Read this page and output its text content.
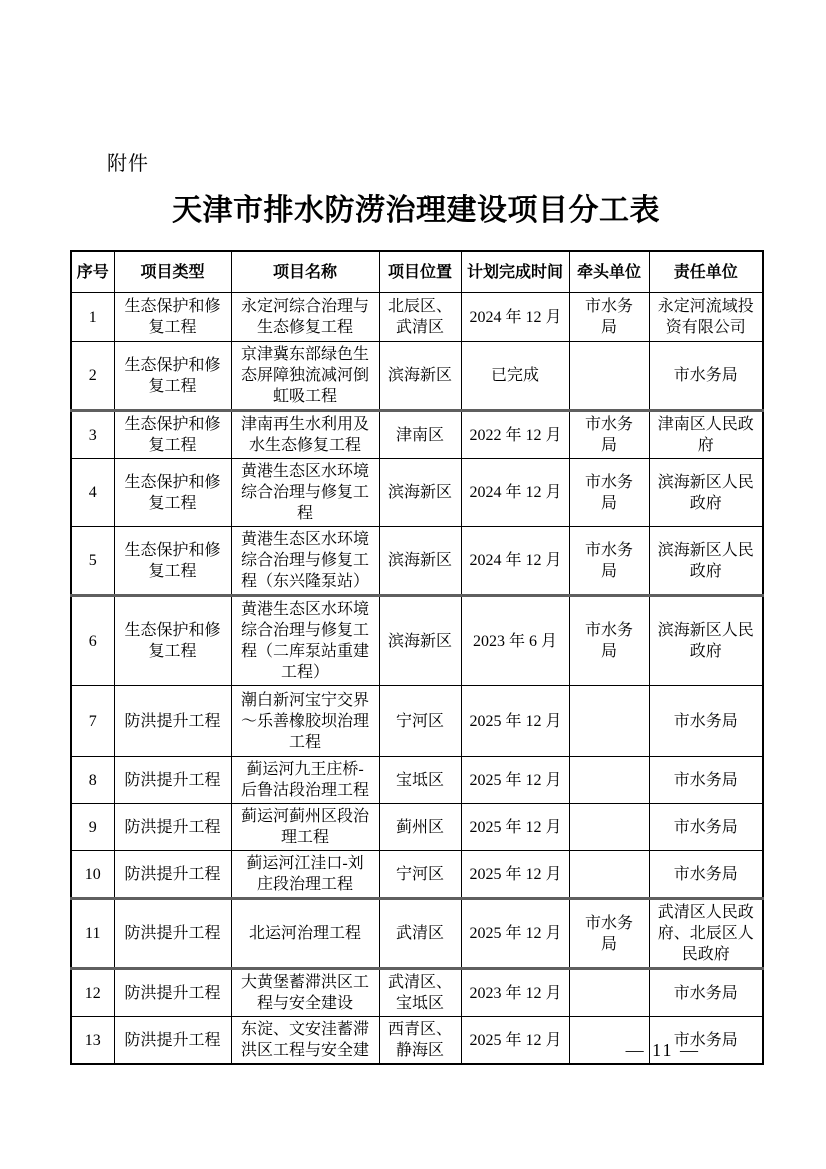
附件
天津市排水防涝治理建设项目分工表
序号	项目类型	项目名称	项目位置	计划完成时间	牵头单位	责任单位
1	生态保护和修复工程	永定河综合治理与生态修复工程	北辰区、武清区	2024 年 12 月	市水务局	永定河流域投资有限公司
2	生态保护和修复工程	京津冀东部绿色生态屏障独流减河倒虹吸工程	滨海新区	已完成		市水务局
3	生态保护和修复工程	津南再生水利用及水生态修复工程	津南区	2022 年 12 月	市水务局	津南区人民政府
4	生态保护和修复工程	黄港生态区水环境综合治理与修复工程	滨海新区	2024 年 12 月	市水务局	滨海新区人民政府
5	生态保护和修复工程	黄港生态区水环境综合治理与修复工程（东兴隆泵站）	滨海新区	2024 年 12 月	市水务局	滨海新区人民政府
6	生态保护和修复工程	黄港生态区水环境综合治理与修复工程（二库泵站重建工程）	滨海新区	2023 年 6 月	市水务局	滨海新区人民政府
7	防洪提升工程	潮白新河宝宁交界～乐善橡胶坝治理工程	宁河区	2025 年 12 月		市水务局
8	防洪提升工程	蓟运河九王庄桥-后鲁沽段治理工程	宝坻区	2025 年 12 月		市水务局
9	防洪提升工程	蓟运河蓟州区段治理工程	蓟州区	2025 年 12 月		市水务局
10	防洪提升工程	蓟运河江洼口-刘庄段治理工程	宁河区	2025 年 12 月		市水务局
11	防洪提升工程	北运河治理工程	武清区	2025 年 12 月	市水务局	武清区人民政府、北辰区人民政府
12	防洪提升工程	大黄堡蓄滞洪区工程与安全建设	武清区、宝坻区	2023 年 12 月		市水务局
13	防洪提升工程	东淀、文安洼蓄滞洪区工程与安全建	西青区、静海区	2025 年 12 月		市水务局
— 11 —
